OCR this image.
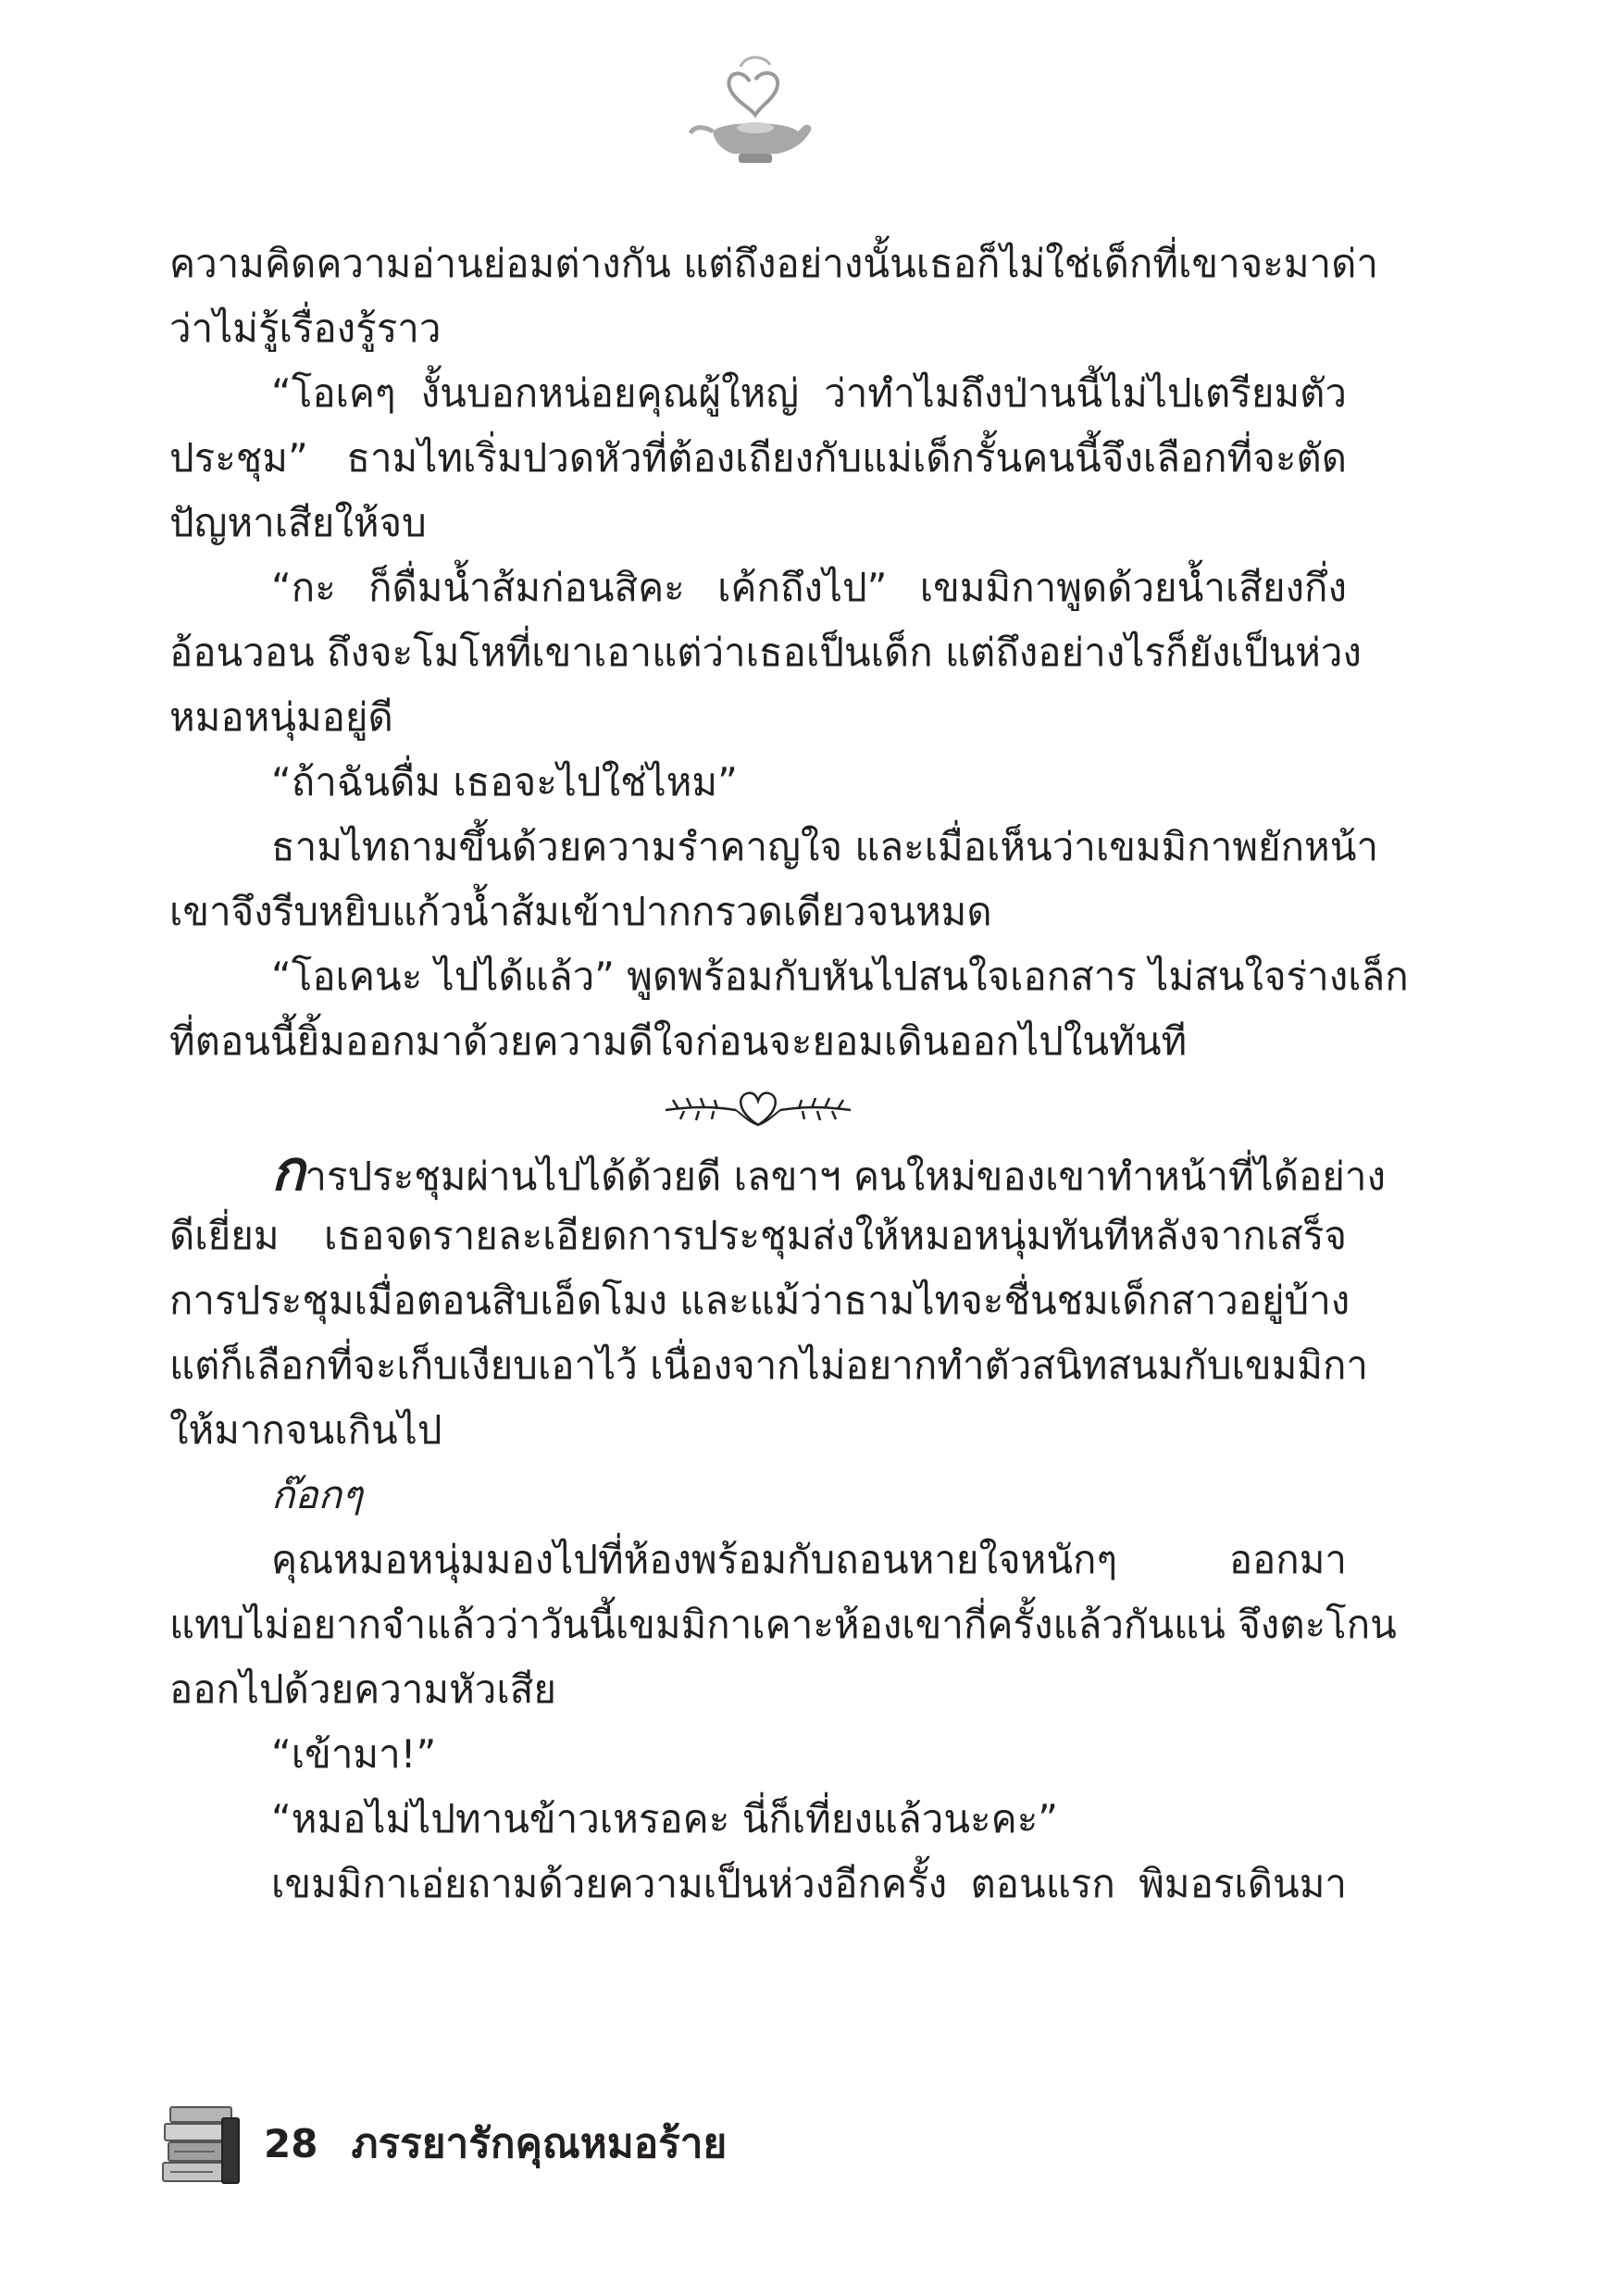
ความคิดความอ่านย่อมต่างกัน แต่ถึงอย่างนั้นเธอก็ไม่ใช่เด็กที่เขาจะมาด่า
ว่าไม่รู้เรื่องรู้ราว
“โอเคๆ งั้นบอกหน่อยคุณผู้ใหญ่ ว่าทำไมถึงป่านนี้ไม่ไปเตรียมตัว
ประชุม” ธามไทเริ่มปวดหัวที่ต้องเถียงกับแม่เด็กรั้นคนนี้จึงเลือกที่จะตัด
ปัญหาเสียให้จบ
“กะ ก็ดื่มน้ำส้มก่อนสิคะ เค้กถึงไป” เขมมิกาพูดด้วยน้ำเสียงกึ่ง
อ้อนวอน ถึงจะโมโหที่เขาเอาแต่ว่าเธอเป็นเด็ก แต่ถึงอย่างไรก็ยังเป็นห่วง
หมอหนุ่มอยู่ดี
“ถ้าฉันดื่ม เธอจะไปใช่ไหม”
ธามไทถามขึ้นด้วยความรำคาญใจ และเมื่อเห็นว่าเขมมิกาพยักหน้า
เขาจึงรีบหยิบแก้วน้ำส้มเข้าปากกรวดเดียวจนหมด
“โอเคนะ ไปได้แล้ว” พูดพร้อมกับหันไปสนใจเอกสาร ไม่สนใจร่างเล็ก
ที่ตอนนี้ยิ้มออกมาด้วยความดีใจก่อนจะยอมเดินออกไปในทันที
การประชุมผ่านไปได้ด้วยดี เลขาฯ คนใหม่ของเขาทำหน้าที่ได้อย่าง
ดีเยี่ยม เธอจดรายละเอียดการประชุมส่งให้หมอหนุ่มทันทีหลังจากเสร็จ
การประชุมเมื่อตอนสิบเอ็ดโมง และแม้ว่าธามไทจะชื่นชมเด็กสาวอยู่บ้าง
แต่ก็เลือกที่จะเก็บเงียบเอาไว้ เนื่องจากไม่อยากทำตัวสนิทสนมกับเขมมิกา
ให้มากจนเกินไป
ก๊อกๆ
คุณหมอหนุ่มมองไปที่ห้องพร้อมกับถอนหายใจหนักๆ ออกมา
แทบไม่อยากจำแล้วว่าวันนี้เขมมิกาเคาะห้องเขากี่ครั้งแล้วกันแน่ จึงตะโกน
ออกไปด้วยความหัวเสีย
“เข้ามา!”
“หมอไม่ไปทานข้าวเหรอคะ นี่ก็เที่ยงแล้วนะคะ”
เขมมิกาเอ่ยถามด้วยความเป็นห่วงอีกครั้ง ตอนแรก พิมอรเดินมา
28 ภรรยารักคุณหมอร้าย
